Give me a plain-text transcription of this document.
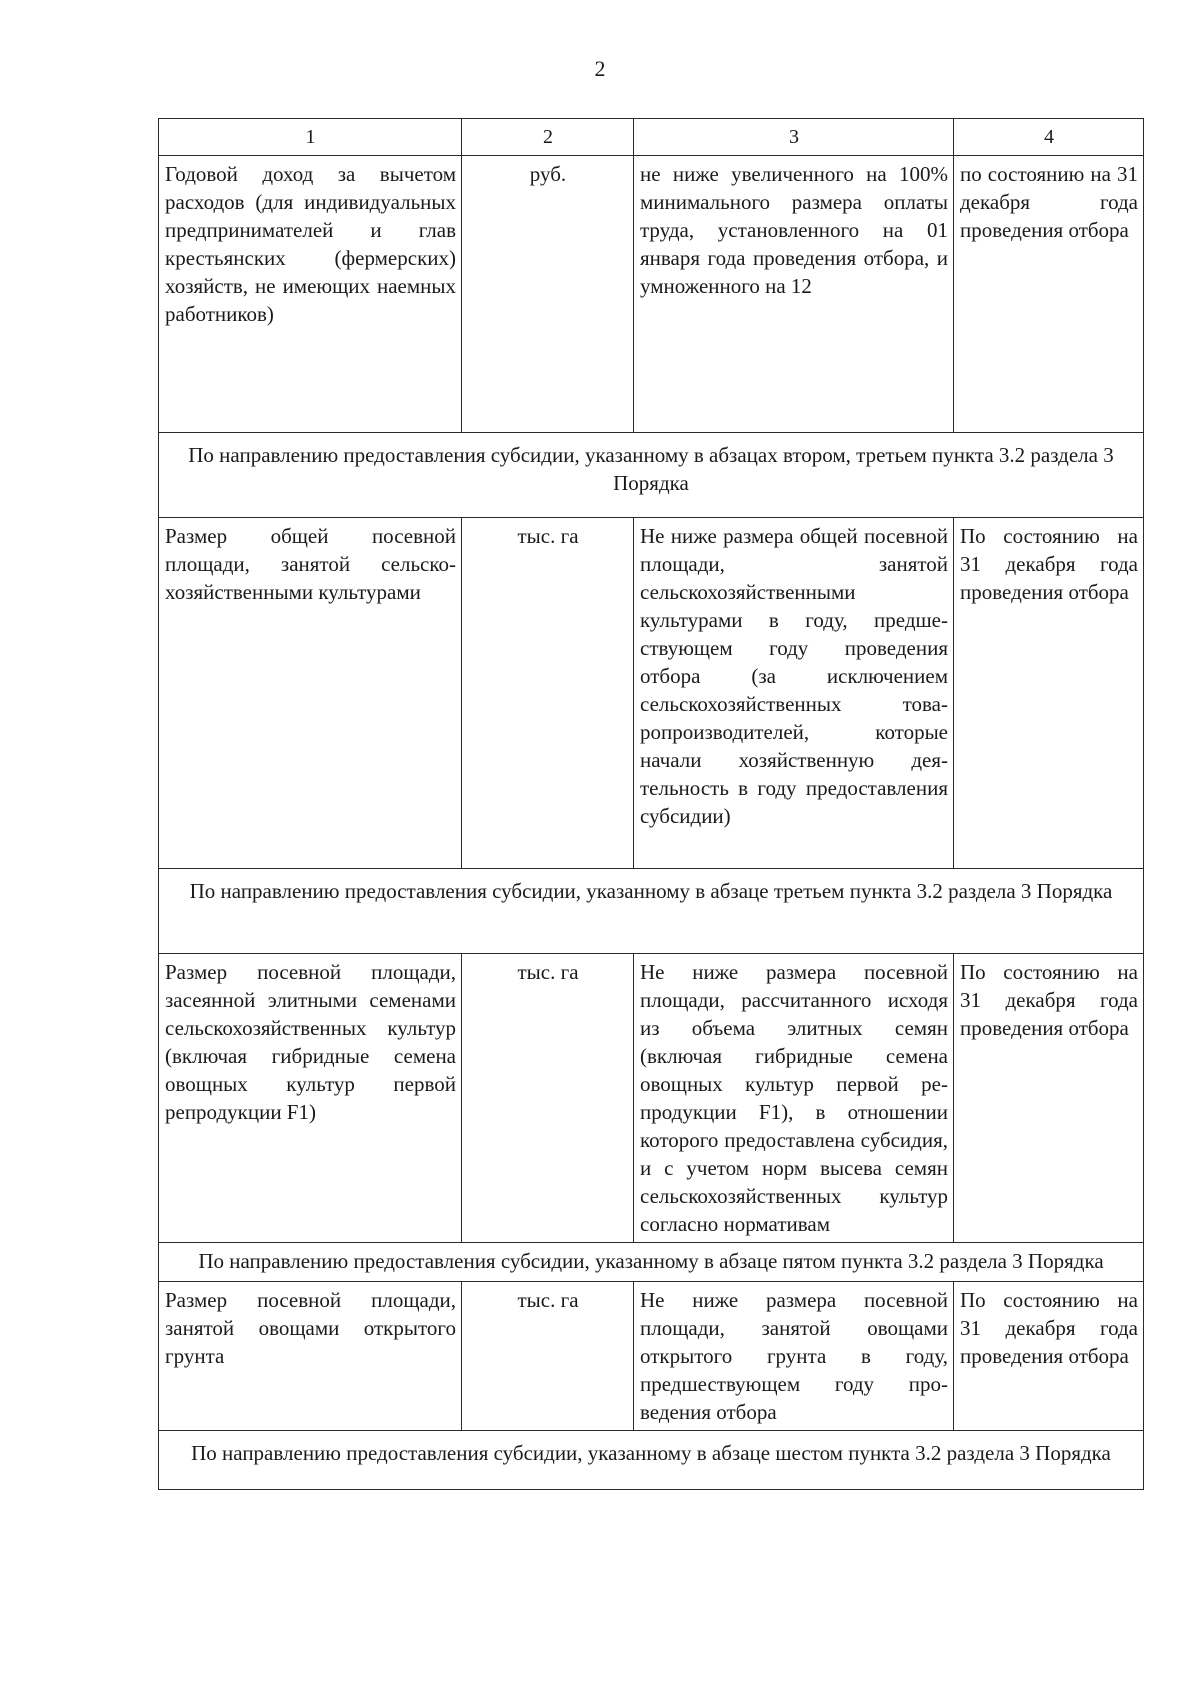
2
1	2	3	4
Годовой доход за вычетом расходов (для индивидуальных предпринимателей и глав крестьянских (фермерских) хозяйств, не имеющих наемных работников)	руб.	не ниже увеличенного на 100% минимального размера оплаты труда, установленного на 01 января года проведения отбора, и умноженного на 12	по состоянию на 31 декабря года проведения отбора
По направлению предоставления субсидии, указанному в абзацах втором, третьем пункта 3.2 раздела 3 Порядка			
Размер общей посевной площади, занятой сельскохозяйственными культурами	тыс. га	Не ниже размера общей посевной площади, занятой сельскохозяйственными культурами в году, предшествующем году проведения отбора (за исключением сельскохозяйственных товаропроизводителей, которые начали хозяйственную деятельность в году предоставления субсидии)	По состоянию на 31 декабря года проведения отбора
По направлению предоставления субсидии, указанному в абзаце третьем пункта 3.2 раздела 3 Порядка			
Размер посевной площади, засеянной элитными семенами сельскохозяйственных культур (включая гибридные семена овощных культур первой репродукции F1)	тыс. га	Не ниже размера посевной площади, рассчитанного исходя из объема элитных семян (включая гибридные семена овощных культур первой репродукции F1), в отношении которого предоставлена субсидия, и с учетом норм высева семян сельскохозяйственных культур согласно нормативам	По состоянию на 31 декабря года проведения отбора
По направлению предоставления субсидии, указанному в абзаце пятом пункта 3.2 раздела 3 Порядка			
Размер посевной площади, занятой овощами открытого грунта	тыс. га	Не ниже размера посевной площади, занятой овощами открытого грунта в году, предшествующем году проведения отбора	По состоянию на 31 декабря года проведения отбора
По направлению предоставления субсидии, указанному в абзаце шестом пункта 3.2 раздела 3 Порядка			
